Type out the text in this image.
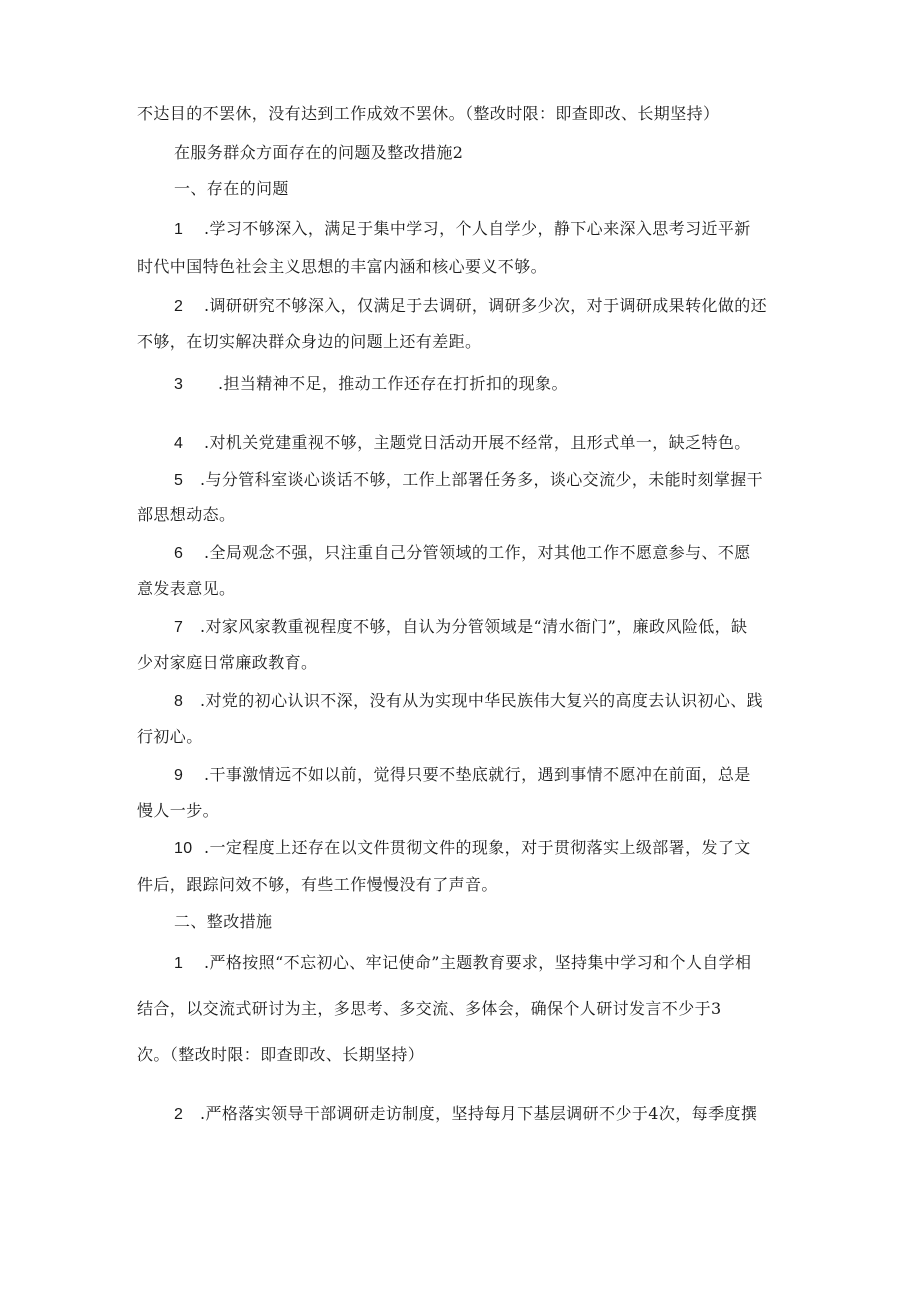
不达目的不罢休，没有达到工作成效不罢休。（整改时限：即查即改、长期坚持）
在服务群众方面存在的问题及整改措施2
一、存在的问题
1 .学习不够深入，满足于集中学习，个人自学少，静下心来深入思考习近平新
时代中国特色社会主义思想的丰富内涵和核心要义不够。
2 .调研研究不够深入，仅满足于去调研，调研多少次，对于调研成果转化做的还
不够，在切实解决群众身边的问题上还有差距。
3 .担当精神不足，推动工作还存在打折扣的现象。
4 .对机关党建重视不够，主题党日活动开展不经常，且形式单一，缺乏特色。
5 .与分管科室谈心谈话不够，工作上部署任务多，谈心交流少，未能时刻掌握干
部思想动态。
6 .全局观念不强，只注重自己分管领域的工作，对其他工作不愿意参与、不愿
意发表意见。
7 .对家风家教重视程度不够，自认为分管领域是“清水衙门”，廉政风险低，缺
少对家庭日常廉政教育。
8 .对党的初心认识不深，没有从为实现中华民族伟大复兴的高度去认识初心、践
行初心。
9 .干事激情远不如以前，觉得只要不垫底就行，遇到事情不愿冲在前面，总是
慢人一步。
10 .一定程度上还存在以文件贯彻文件的现象，对于贯彻落实上级部署，发了文
件后，跟踪问效不够，有些工作慢慢没有了声音。
二、整改措施
1 .严格按照“不忘初心、牢记使命”主题教育要求，坚持集中学习和个人自学相
结合，以交流式研讨为主，多思考、多交流、多体会，确保个人研讨发言不少于3
次。（整改时限：即查即改、长期坚持）
2 .严格落实领导干部调研走访制度，坚持每月下基层调研不少于4次，每季度撰
